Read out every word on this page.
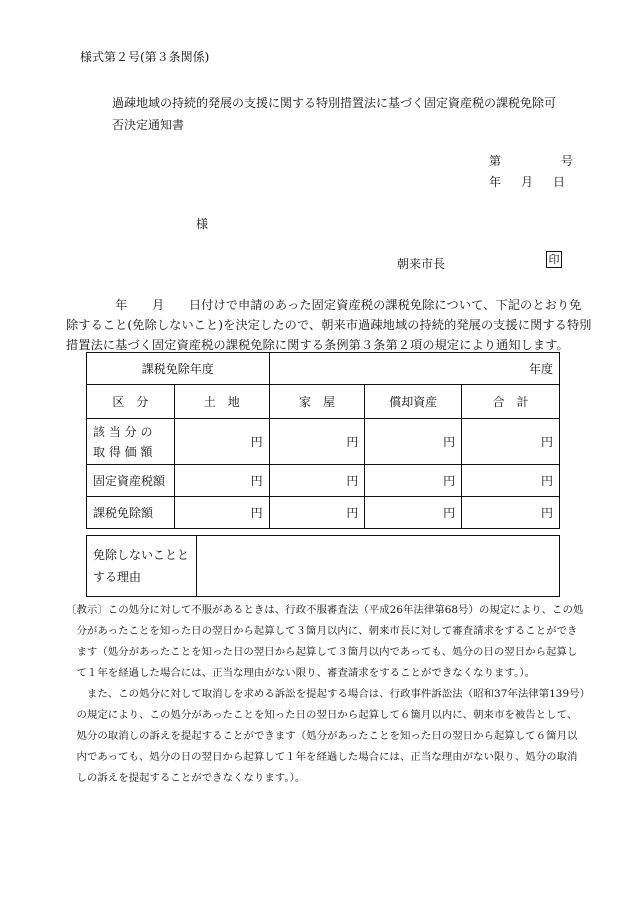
様式第２号(第３条関係)
過疎地域の持続的発展の支援に関する特別措置法に基づく固定資産税の課税免除可
否決定通知書
第	号
年 月 日
様
朝来市長	印
　　　　年　　月　　日付けで申請のあった固定資産税の課税免除について、下記のとおり免
除すること(免除しないこと)を決定したので、朝来市過疎地域の持続的発展の支援に関する特別
措置法に基づく固定資産税の課税免除に関する条例第３条第２項の規定により通知します。
課税免除年度		年度		
区　分	土　地	家　屋	償却資産	合　計

該 当 分 の
取 得 価 額	円	円	円	円
固定資産税額	円	円	円	円
課税免除額	円	円	円	円
免除しないことと
する理由

〔教示〕この処分に対して不服があるときは、行政不服審査法（平成26年法律第68号）の規定により、この処
　分があったことを知った日の翌日から起算して３箇月以内に、朝来市長に対して審査請求をすることができ
　ます（処分があったことを知った日の翌日から起算して３箇月以内であっても、処分の日の翌日から起算し
　て１年を経過した場合には、正当な理由がない限り、審査請求をすることができなくなります。）。
　　また、この処分に対して取消しを求める訴訟を提起する場合は、行政事件訴訟法（昭和37年法律第139号）
　の規定により、この処分があったことを知った日の翌日から起算して６箇月以内に、朝来市を被告として、
　処分の取消しの訴えを提起することができます（処分があったことを知った日の翌日から起算して６箇月以
　内であっても、処分の日の翌日から起算して１年を経過した場合には、正当な理由がない限り、処分の取消
　しの訴えを提起することができなくなります。）。
